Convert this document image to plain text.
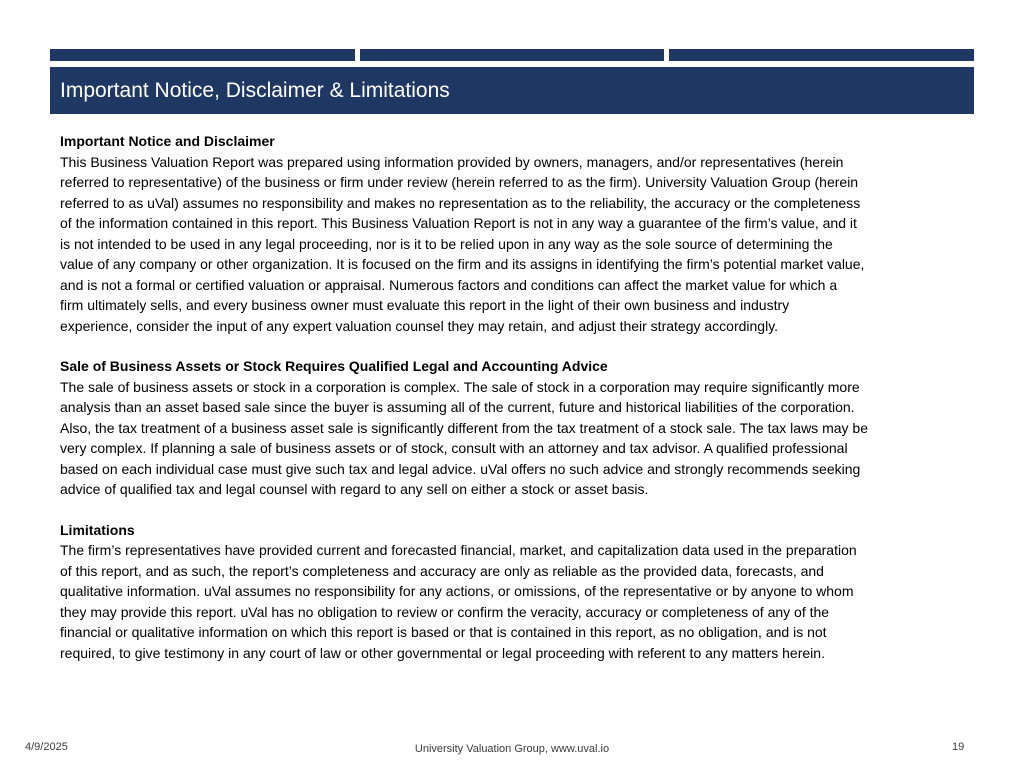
Important Notice, Disclaimer & Limitations
Important Notice and Disclaimer
This Business Valuation Report was prepared using information provided by owners, managers, and/or representatives (herein
referred to representative) of the business or firm under review (herein referred to as the firm). University Valuation Group (herein
referred to as uVal) assumes no responsibility and makes no representation as to the reliability, the accuracy or the completeness
of the information contained in this report. This Business Valuation Report is not in any way a guarantee of the firm’s value, and it
is not intended to be used in any legal proceeding, nor is it to be relied upon in any way as the sole source of determining the
value of any company or other organization. It is focused on the firm and its assigns in identifying the firm’s potential market value,
and is not a formal or certified valuation or appraisal. Numerous factors and conditions can affect the market value for which a
firm ultimately sells, and every business owner must evaluate this report in the light of their own business and industry
experience, consider the input of any expert valuation counsel they may retain, and adjust their strategy accordingly.
Sale of Business Assets or Stock Requires Qualified Legal and Accounting Advice
The sale of business assets or stock in a corporation is complex. The sale of stock in a corporation may require significantly more
analysis than an asset based sale since the buyer is assuming all of the current, future and historical liabilities of the corporation.
Also, the tax treatment of a business asset sale is significantly different from the tax treatment of a stock sale. The tax laws may be
very complex. If planning a sale of business assets or of stock, consult with an attorney and tax advisor. A qualified professional
based on each individual case must give such tax and legal advice. uVal offers no such advice and strongly recommends seeking
advice of qualified tax and legal counsel with regard to any sell on either a stock or asset basis.
Limitations
The firm’s representatives have provided current and forecasted financial, market, and capitalization data used in the preparation
of this report, and as such, the report’s completeness and accuracy are only as reliable as the provided data, forecasts, and
qualitative information. uVal assumes no responsibility for any actions, or omissions, of the representative or by anyone to whom
they may provide this report. uVal has no obligation to review or confirm the veracity, accuracy or completeness of any of the
financial or qualitative information on which this report is based or that is contained in this report, as no obligation, and is not
required, to give testimony in any court of law or other governmental or legal proceeding with referent to any matters herein.
4/9/2025	University Valuation Group, www.uval.io	19
